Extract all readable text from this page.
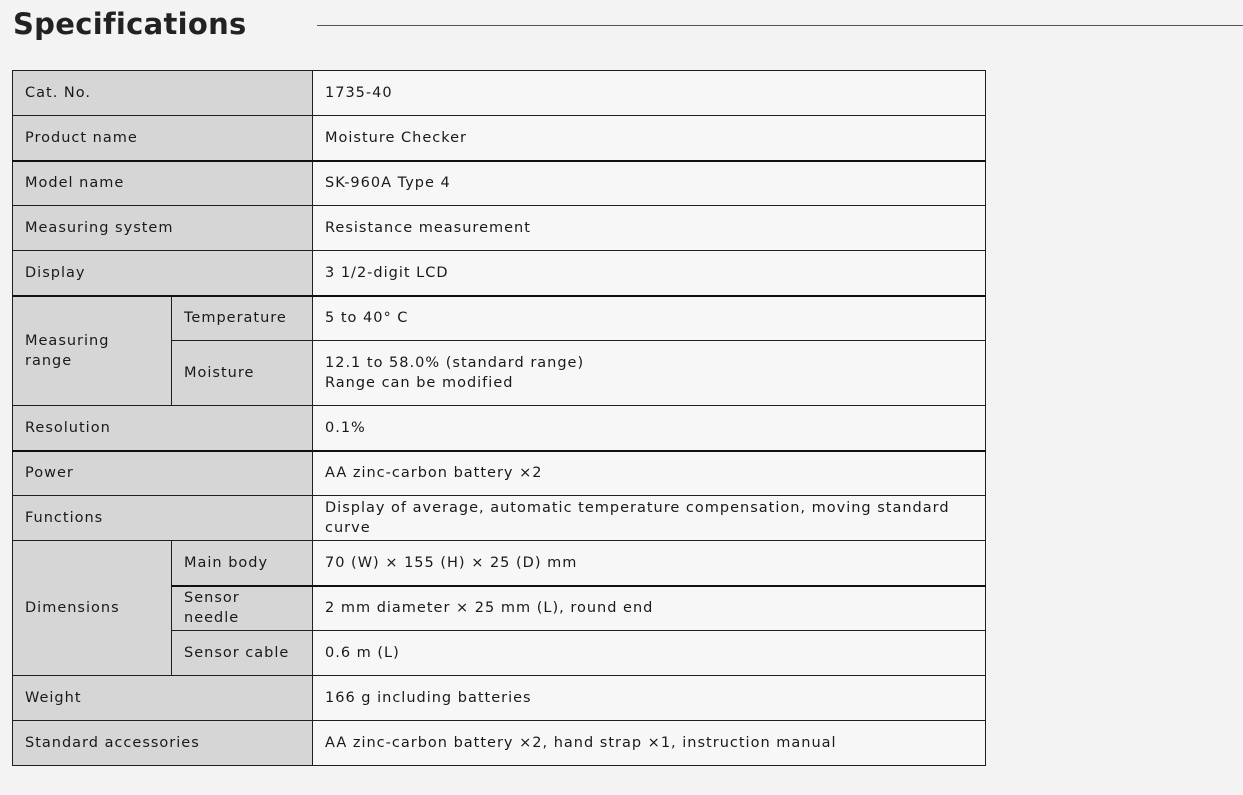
Specifications
Cat. No.		1735-40
Product name		Moisture Checker
Model name		SK-960A Type 4
Measuring system		Resistance measurement
Display		3 1/2-digit LCD
Measuring range	Temperature	5 to 40° C
	Moisture	12.1 to 58.0% (standard range)
Range can be modified

Resolution		0.1%
Power		AA zinc-carbon battery ×2
Functions		Display of average, automatic temperature compensation, moving standard curve
Dimensions	Main body	70 (W) × 155 (H) × 25 (D) mm
	Sensor needle	2 mm diameter × 25 mm (L), round end
	Sensor cable	0.6 m (L)
Weight		166 g including batteries
Standard accessories		AA zinc-carbon battery ×2, hand strap ×1, instruction manual
